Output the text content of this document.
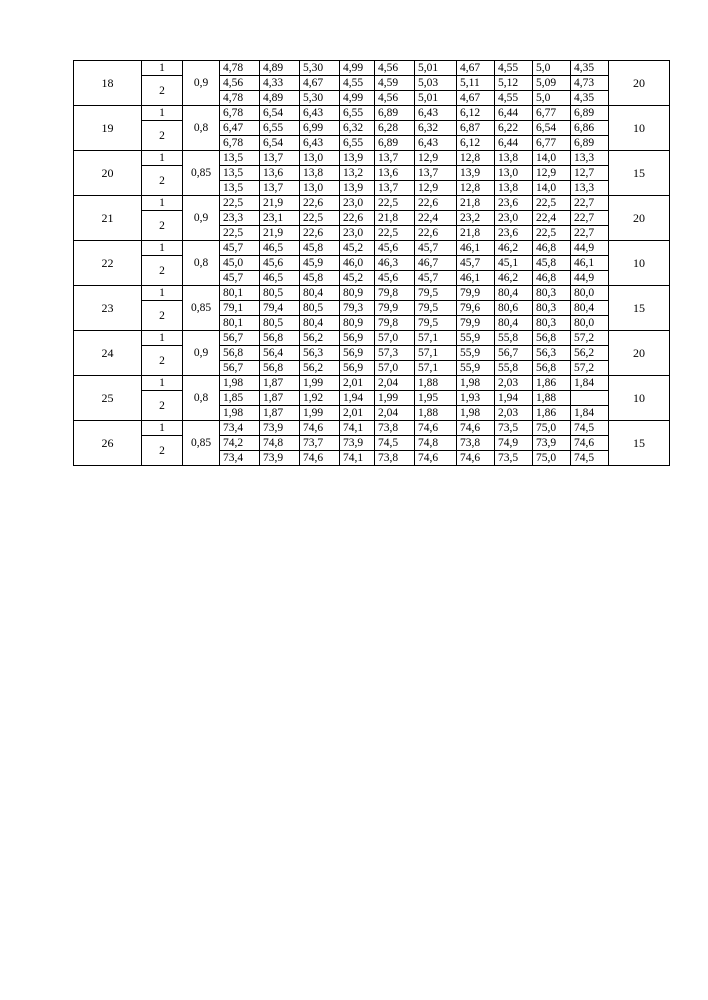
18	1	0,9	4,78	4,89	5,30	4,99	4,56	5,01	4,67	4,55	5,0	4,35	20
	2		4,56	4,33	4,67	4,55	4,59	5,03	5,11	5,12	5,09	4,73	
			4,78	4,89	5,30	4,99	4,56	5,01	4,67	4,55	5,0	4,35	
19	1	0,8	6,78	6,54	6,43	6,55	6,89	6,43	6,12	6,44	6,77	6,89	10
	2		6,47	6,55	6,99	6,32	6,28	6,32	6,87	6,22	6,54	6,86	
			6,78	6,54	6,43	6,55	6,89	6,43	6,12	6,44	6,77	6,89	
20	1	0,85	13,5	13,7	13,0	13,9	13,7	12,9	12,8	13,8	14,0	13,3	15
	2		13,5	13,6	13,8	13,2	13,6	13,7	13,9	13,0	12,9	12,7	
			13,5	13,7	13,0	13,9	13,7	12,9	12,8	13,8	14,0	13,3	
21	1	0,9	22,5	21,9	22,6	23,0	22,5	22,6	21,8	23,6	22,5	22,7	20
	2		23,3	23,1	22,5	22,6	21,8	22,4	23,2	23,0	22,4	22,7	
			22,5	21,9	22,6	23,0	22,5	22,6	21,8	23,6	22,5	22,7	
22	1	0,8	45,7	46,5	45,8	45,2	45,6	45,7	46,1	46,2	46,8	44,9	10
	2		45,0	45,6	45,9	46,0	46,3	46,7	45,7	45,1	45,8	46,1	
			45,7	46,5	45,8	45,2	45,6	45,7	46,1	46,2	46,8	44,9	
23	1	0,85	80,1	80,5	80,4	80,9	79,8	79,5	79,9	80,4	80,3	80,0	15
	2		79,1	79,4	80,5	79,3	79,9	79,5	79,6	80,6	80,3	80,4	
			80,1	80,5	80,4	80,9	79,8	79,5	79,9	80,4	80,3	80,0	
24	1	0,9	56,7	56,8	56,2	56,9	57,0	57,1	55,9	55,8	56,8	57,2	20
	2		56,8	56,4	56,3	56,9	57,3	57,1	55,9	56,7	56,3	56,2	
			56,7	56,8	56,2	56,9	57,0	57,1	55,9	55,8	56,8	57,2	
25	1	0,8	1,98	1,87	1,99	2,01	2,04	1,88	1,98	2,03	1,86	1,84	10
	2		1,85	1,87	1,92	1,94	1,99	1,95	1,93	1,94	1,88		
			1,98	1,87	1,99	2,01	2,04	1,88	1,98	2,03	1,86	1,84	
26	1	0,85	73,4	73,9	74,6	74,1	73,8	74,6	74,6	73,5	75,0	74,5	15
	2		74,2	74,8	73,7	73,9	74,5	74,8	73,8	74,9	73,9	74,6	
			73,4	73,9	74,6	74,1	73,8	74,6	74,6	73,5	75,0	74,5	
